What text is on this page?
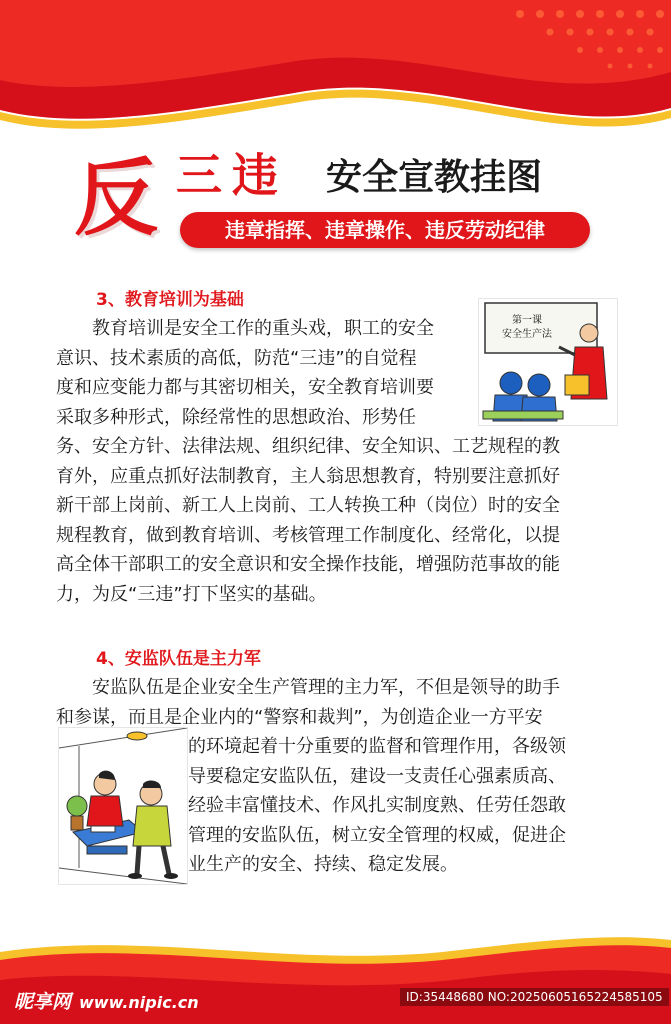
反 三违 安全宣教挂图
违章指挥、违章操作、违反劳动纪律
3、教育培训为基础
教育培训是安全工作的重头戏，职工的安全
意识、技术素质的高低，防范“三违”的自觉程
度和应变能力都与其密切相关，安全教育培训要
采取多种形式，除经常性的思想政治、形势任
务、安全方针、法律法规、组织纪律、安全知识、工艺规程的教
育外，应重点抓好法制教育，主人翁思想教育，特别要注意抓好
新干部上岗前、新工人上岗前、工人转换工种（岗位）时的安全
规程教育，做到教育培训、考核管理工作制度化、经常化，以提
高全体干部职工的安全意识和安全操作技能，增强防范事故的能
力，为反“三违”打下坚实的基础。
第一课
安全生产法
4、安监队伍是主力军
安监队伍是企业安全生产管理的主力军，不但是领导的助手
和参谋，而且是企业内的“警察和裁判”，为创造企业一方平安
的环境起着十分重要的监督和管理作用，各级领
导要稳定安监队伍，建设一支责任心强素质高、
经验丰富懂技术、作风扎实制度熟、任劳任怨敢
管理的安监队伍，树立安全管理的权威，促进企
业生产的安全、持续、稳定发展。
昵享网 www.nipic.cn	ID:35448680 NO:20250605165224585105
